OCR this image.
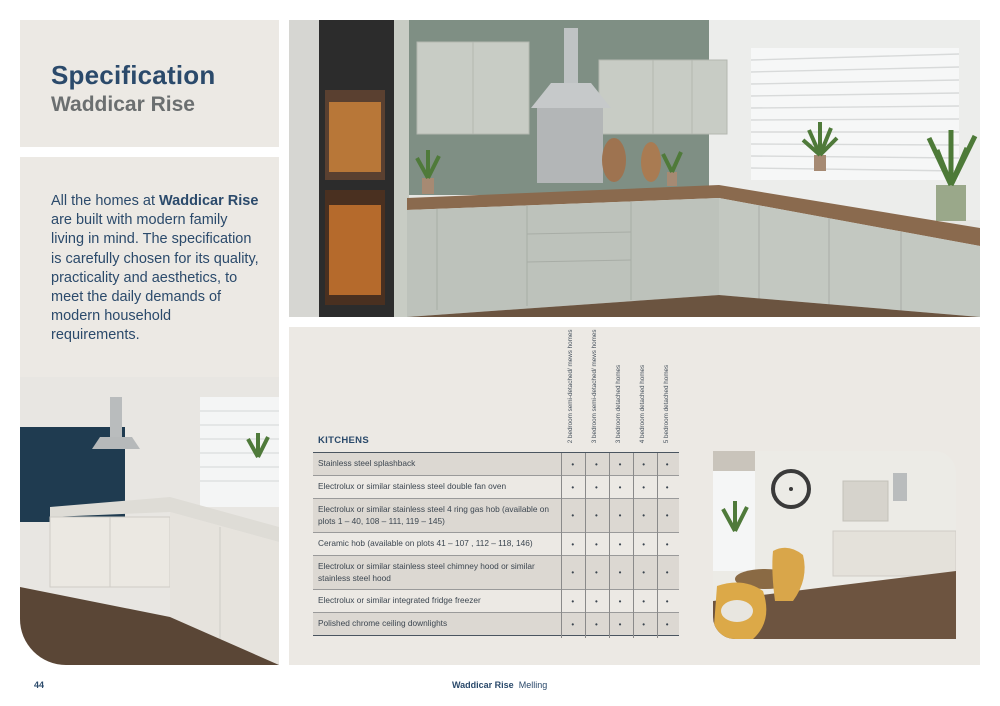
Specification
Waddicar Rise

All the homes at Waddicar Rise are built with modern family living in mind. The specification is carefully chosen for its quality, practicality and aesthetics, to meet the daily demands of modern household requirements.

KITCHENS	2 bedroom semi-detached/ mews homes	3 bedroom semi-detached/ mews homes	3 bedroom detached homes	4 bedroom detached homes	5 bedroom detached homes
Stainless steel splashback	•	•	•	•	•
Electrolux or similar stainless steel double fan oven	•	•	•	•	•
Electrolux or similar stainless steel 4 ring gas hob (available on plots 1 – 40, 108 – 111, 119 – 145)	•	•	•	•	•
Ceramic hob (available on plots 41 – 107 , 112 – 118, 146)	•	•	•	•	•
Electrolux or similar stainless steel chimney hood or similar stainless steel hood	•	•	•	•	•
Electrolux or similar integrated fridge freezer	•	•	•	•	•
Polished chrome ceiling downlights	•	•	•	•	•
44	Waddicar Rise Melling
